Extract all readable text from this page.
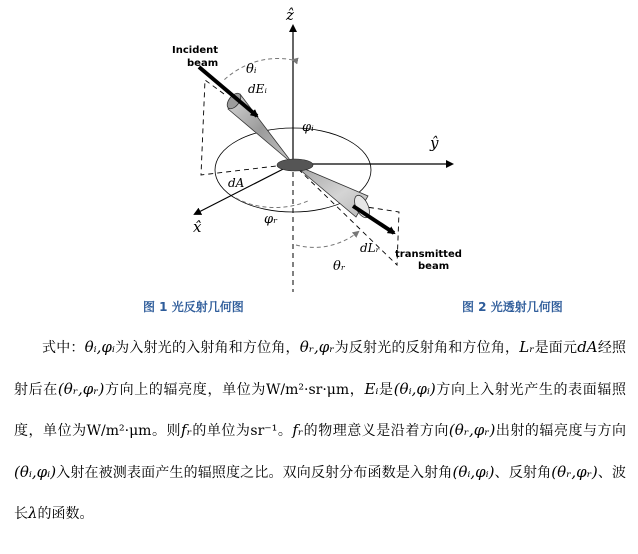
ẑ
ŷ
x̂
Incident
beam
transmitted
beam
θᵢ
dEᵢ
φᵢ
dA
φᵣ
dLᵣ
θᵣ
图 1 光反射几何图	图 2 光透射几何图

式中：θᵢ,φᵢ为入射光的入射角和方位角，θᵣ,φᵣ为反射光的反射角和方位角，Lᵣ是面元dA经照射后在(θᵣ,φᵣ)方向上的辐亮度，单位为W/m²·sr·μm，Eᵢ是(θᵢ,φᵢ)方向上入射光产生的表面辐照度，单位为W/m²·μm。则fᵣ的单位为sr⁻¹。fᵣ的物理意义是沿着方向(θᵣ,φᵣ)出射的辐亮度与方向(θᵢ,φᵢ)入射在被测表面产生的辐照度之比。双向反射分布函数是入射角(θᵢ,φᵢ)、反射角(θᵣ,φᵣ)、波长λ的函数。
